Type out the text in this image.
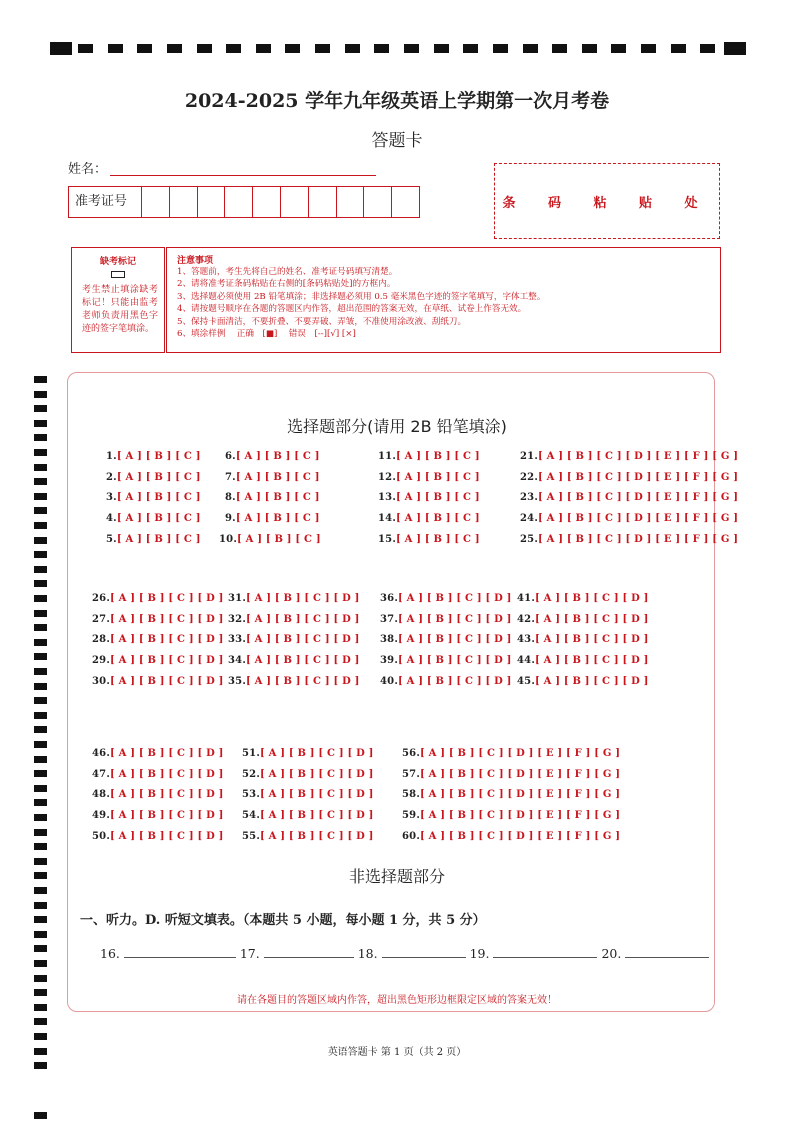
2024-2025 学年九年级英语上学期第一次月考卷
答题卡
姓名：
准考证号	条 码 粘 贴 处
缺考标记
考生禁止填涂缺考标记！只能由监考老师负责用黑色字迹的签字笔填涂。
注意事项
1、答题前，考生先将自己的姓名、准考证号码填写清楚。
2、请将准考证条码粘贴在右侧的[条码粘贴处]的方框内。
3、选择题必须使用 2B 铅笔填涂；非选择题必须用 0.5 毫米黑色字迹的签字笔填写，字体工整。
4、请按题号顺序在各题的答题区内作答，超出范围的答案无效，在草纸、试卷上作答无效。
5、保持卡面清洁，不要折叠、不要弄破、弄皱，不准使用涂改液、刮纸刀。
6、填涂样例　 正确　[■]　 错误　[--][√] [×]
选择题部分(请用 2B 铅笔填涂)
1.[ A ] [ B ] [ C ]
2.[ A ] [ B ] [ C ]
3.[ A ] [ B ] [ C ]
4.[ A ] [ B ] [ C ]
5.[ A ] [ B ] [ C ]
6.[ A ] [ B ] [ C ]
7.[ A ] [ B ] [ C ]
8.[ A ] [ B ] [ C ]
9.[ A ] [ B ] [ C ]
10.[ A ] [ B ] [ C ]
11.[ A ] [ B ] [ C ]
12.[ A ] [ B ] [ C ]
13.[ A ] [ B ] [ C ]
14.[ A ] [ B ] [ C ]
15.[ A ] [ B ] [ C ]
21.[ A ] [ B ] [ C ] [ D ] [ E ] [ F ] [ G ]
22.[ A ] [ B ] [ C ] [ D ] [ E ] [ F ] [ G ]
23.[ A ] [ B ] [ C ] [ D ] [ E ] [ F ] [ G ]
24.[ A ] [ B ] [ C ] [ D ] [ E ] [ F ] [ G ]
25.[ A ] [ B ] [ C ] [ D ] [ E ] [ F ] [ G ]
26.[ A ] [ B ] [ C ] [ D ]
27.[ A ] [ B ] [ C ] [ D ]
28.[ A ] [ B ] [ C ] [ D ]
29.[ A ] [ B ] [ C ] [ D ]
30.[ A ] [ B ] [ C ] [ D ]
31.[ A ] [ B ] [ C ] [ D ]
32.[ A ] [ B ] [ C ] [ D ]
33.[ A ] [ B ] [ C ] [ D ]
34.[ A ] [ B ] [ C ] [ D ]
35.[ A ] [ B ] [ C ] [ D ]
36.[ A ] [ B ] [ C ] [ D ]
37.[ A ] [ B ] [ C ] [ D ]
38.[ A ] [ B ] [ C ] [ D ]
39.[ A ] [ B ] [ C ] [ D ]
40.[ A ] [ B ] [ C ] [ D ]
41.[ A ] [ B ] [ C ] [ D ]
42.[ A ] [ B ] [ C ] [ D ]
43.[ A ] [ B ] [ C ] [ D ]
44.[ A ] [ B ] [ C ] [ D ]
45.[ A ] [ B ] [ C ] [ D ]
46.[ A ] [ B ] [ C ] [ D ]
47.[ A ] [ B ] [ C ] [ D ]
48.[ A ] [ B ] [ C ] [ D ]
49.[ A ] [ B ] [ C ] [ D ]
50.[ A ] [ B ] [ C ] [ D ]
51.[ A ] [ B ] [ C ] [ D ]
52.[ A ] [ B ] [ C ] [ D ]
53.[ A ] [ B ] [ C ] [ D ]
54.[ A ] [ B ] [ C ] [ D ]
55.[ A ] [ B ] [ C ] [ D ]
56.[ A ] [ B ] [ C ] [ D ] [ E ] [ F ] [ G ]
57.[ A ] [ B ] [ C ] [ D ] [ E ] [ F ] [ G ]
58.[ A ] [ B ] [ C ] [ D ] [ E ] [ F ] [ G ]
59.[ A ] [ B ] [ C ] [ D ] [ E ] [ F ] [ G ]
60.[ A ] [ B ] [ C ] [ D ] [ E ] [ F ] [ G ]
非选择题部分
一、听力。D. 听短文填表。（本题共 5 小题，每小题 1 分，共 5 分）
16.	17.	18.	19.	20.
请在各题目的答题区域内作答，超出黑色矩形边框限定区域的答案无效！
英语答题卡 第 1 页（共 2 页）
